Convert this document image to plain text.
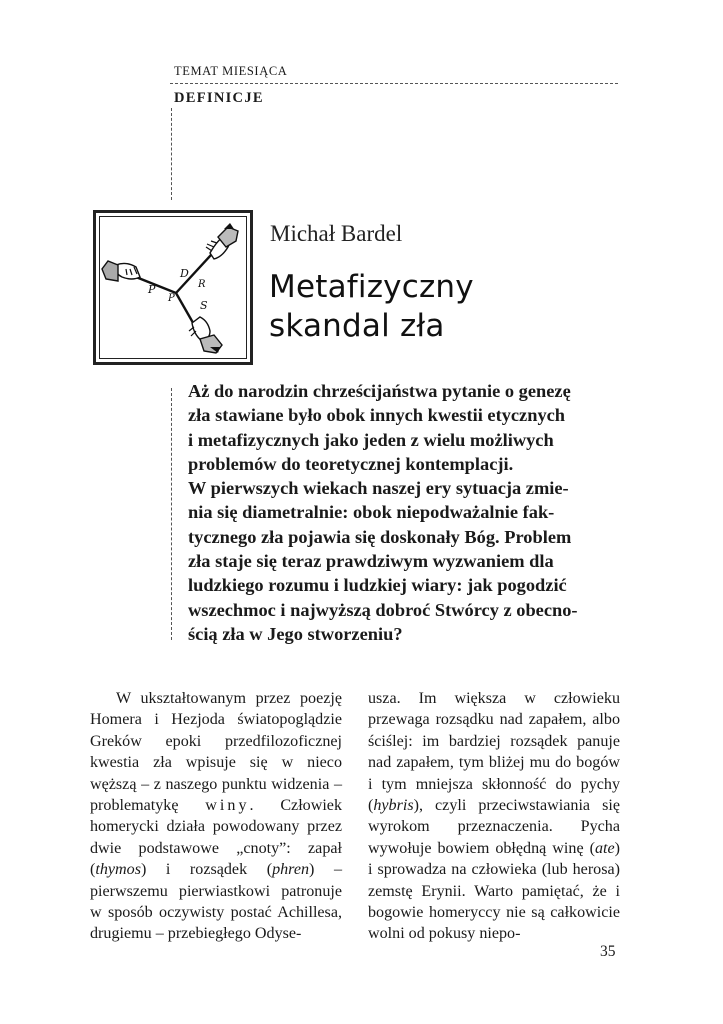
TEMAT MIESIĄCA
DEFINICJE
D
R
P
P
S
Michał Bardel
Metafizyczny
skandal zła

Aż do narodzin chrześcijaństwa pytanie o genezę

zła stawiane było obok innych kwestii etycznych

i metafizycznych jako jeden z wielu możliwych

problemów do teoretycznej kontemplacji.

W pierwszych wiekach naszej ery sytuacja zmie-

nia się diametralnie: obok niepodważalnie fak-

tycznego zła pojawia się doskonały Bóg. Problem

zła staje się teraz prawdziwym wyzwaniem dla

ludzkiego rozumu i ludzkiej wiary: jak pogodzić

wszechmoc i najwyższą dobroć Stwórcy z obecno-

ścią zła w Jego stworzeniu?

W ukształtowanym przez poezję Homera i Hezjoda światopoglądzie Greków epoki przedfilozoficznej kwestia zła wpisuje się w nieco węższą – z naszego punktu widzenia – problematykę winy. Człowiek homerycki działa powodowany przez dwie podstawowe „cnoty”: zapał (thymos) i rozsądek (phren) – pierwszemu pierwiastkowi patronuje w sposób oczywisty postać Achillesa, drugiemu – przebiegłego Odyse-

usza. Im większa w człowieku przewaga rozsądku nad zapałem, albo ściślej: im bardziej rozsądek panuje nad zapałem, tym bliżej mu do bogów i tym mniejsza skłonność do pychy (hybris), czyli przeciwstawiania się wyrokom przeznaczenia. Pycha wywołuje bowiem obłędną winę (ate) i sprowadza na człowieka (lub herosa) zemstę Erynii. Warto pamiętać, że i bogowie homeryccy nie są całkowicie wolni od pokusy niepo-

35
